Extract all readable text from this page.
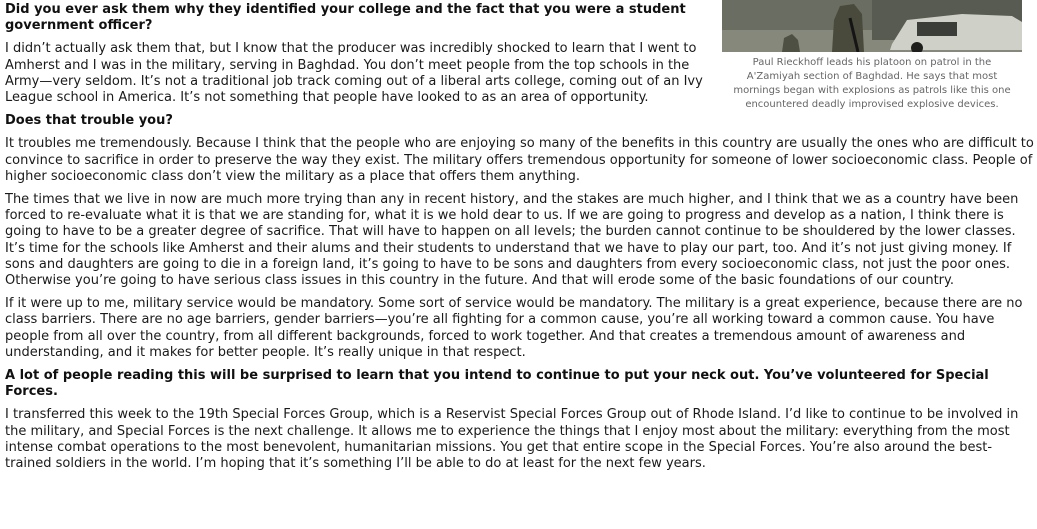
Paul Rieckhoff leads his platoon on patrol in the A'Zamiyah section of Baghdad. He says that most mornings began with explosions as patrols like this one encountered deadly improvised explosive devices.

Did you ever ask them why they identified your college and the fact that you were a student government officer?

I didn’t actually ask them that, but I know that the producer was incredibly shocked to learn that I went to Amherst and I was in the military, serving in Baghdad. You don’t meet people from the top schools in the Army—very seldom. It’s not a traditional job track coming out of a liberal arts college, coming out of an Ivy League school in America. It’s not something that people have looked to as an area of opportunity.

Does that trouble you?

It troubles me tremendously. Because I think that the people who are enjoying so many of the benefits in this country are usually the ones who are difficult to convince to sacrifice in order to preserve the way they exist. The military offers tremendous opportunity for someone of lower socioeconomic class. People of higher socioeconomic class don’t view the military as a place that offers them anything.

The times that we live in now are much more trying than any in recent history, and the stakes are much higher, and I think that we as a country have been forced to re-evaluate what it is that we are standing for, what it is we hold dear to us. If we are going to progress and develop as a nation, I think there is going to have to be a greater degree of sacrifice. That will have to happen on all levels; the burden cannot continue to be shouldered by the lower classes. It’s time for the schools like Amherst and their alums and their students to understand that we have to play our part, too. And it’s not just giving money. If sons and daughters are going to die in a foreign land, it’s going to have to be sons and daughters from every socioeconomic class, not just the poor ones. Otherwise you’re going to have serious class issues in this country in the future. And that will erode some of the basic foundations of our country.

If it were up to me, military service would be mandatory. Some sort of service would be mandatory. The military is a great experience, because there are no class barriers. There are no age barriers, gender barriers—you’re all fighting for a common cause, you’re all working toward a common cause. You have people from all over the country, from all different backgrounds, forced to work together. And that creates a tremendous amount of awareness and understanding, and it makes for better people. It’s really unique in that respect.

A lot of people reading this will be surprised to learn that you intend to continue to put your neck out. You’ve volunteered for Special Forces.

I transferred this week to the 19th Special Forces Group, which is a Reservist Special Forces Group out of Rhode Island. I’d like to continue to be involved in the military, and Special Forces is the next challenge. It allows me to experience the things that I enjoy most about the military: everything from the most intense combat operations to the most benevolent, humanitarian missions. You get that entire scope in the Special Forces. You’re also around the best-trained soldiers in the world. I’m hoping that it’s something I’ll be able to do at least for the next few years.
